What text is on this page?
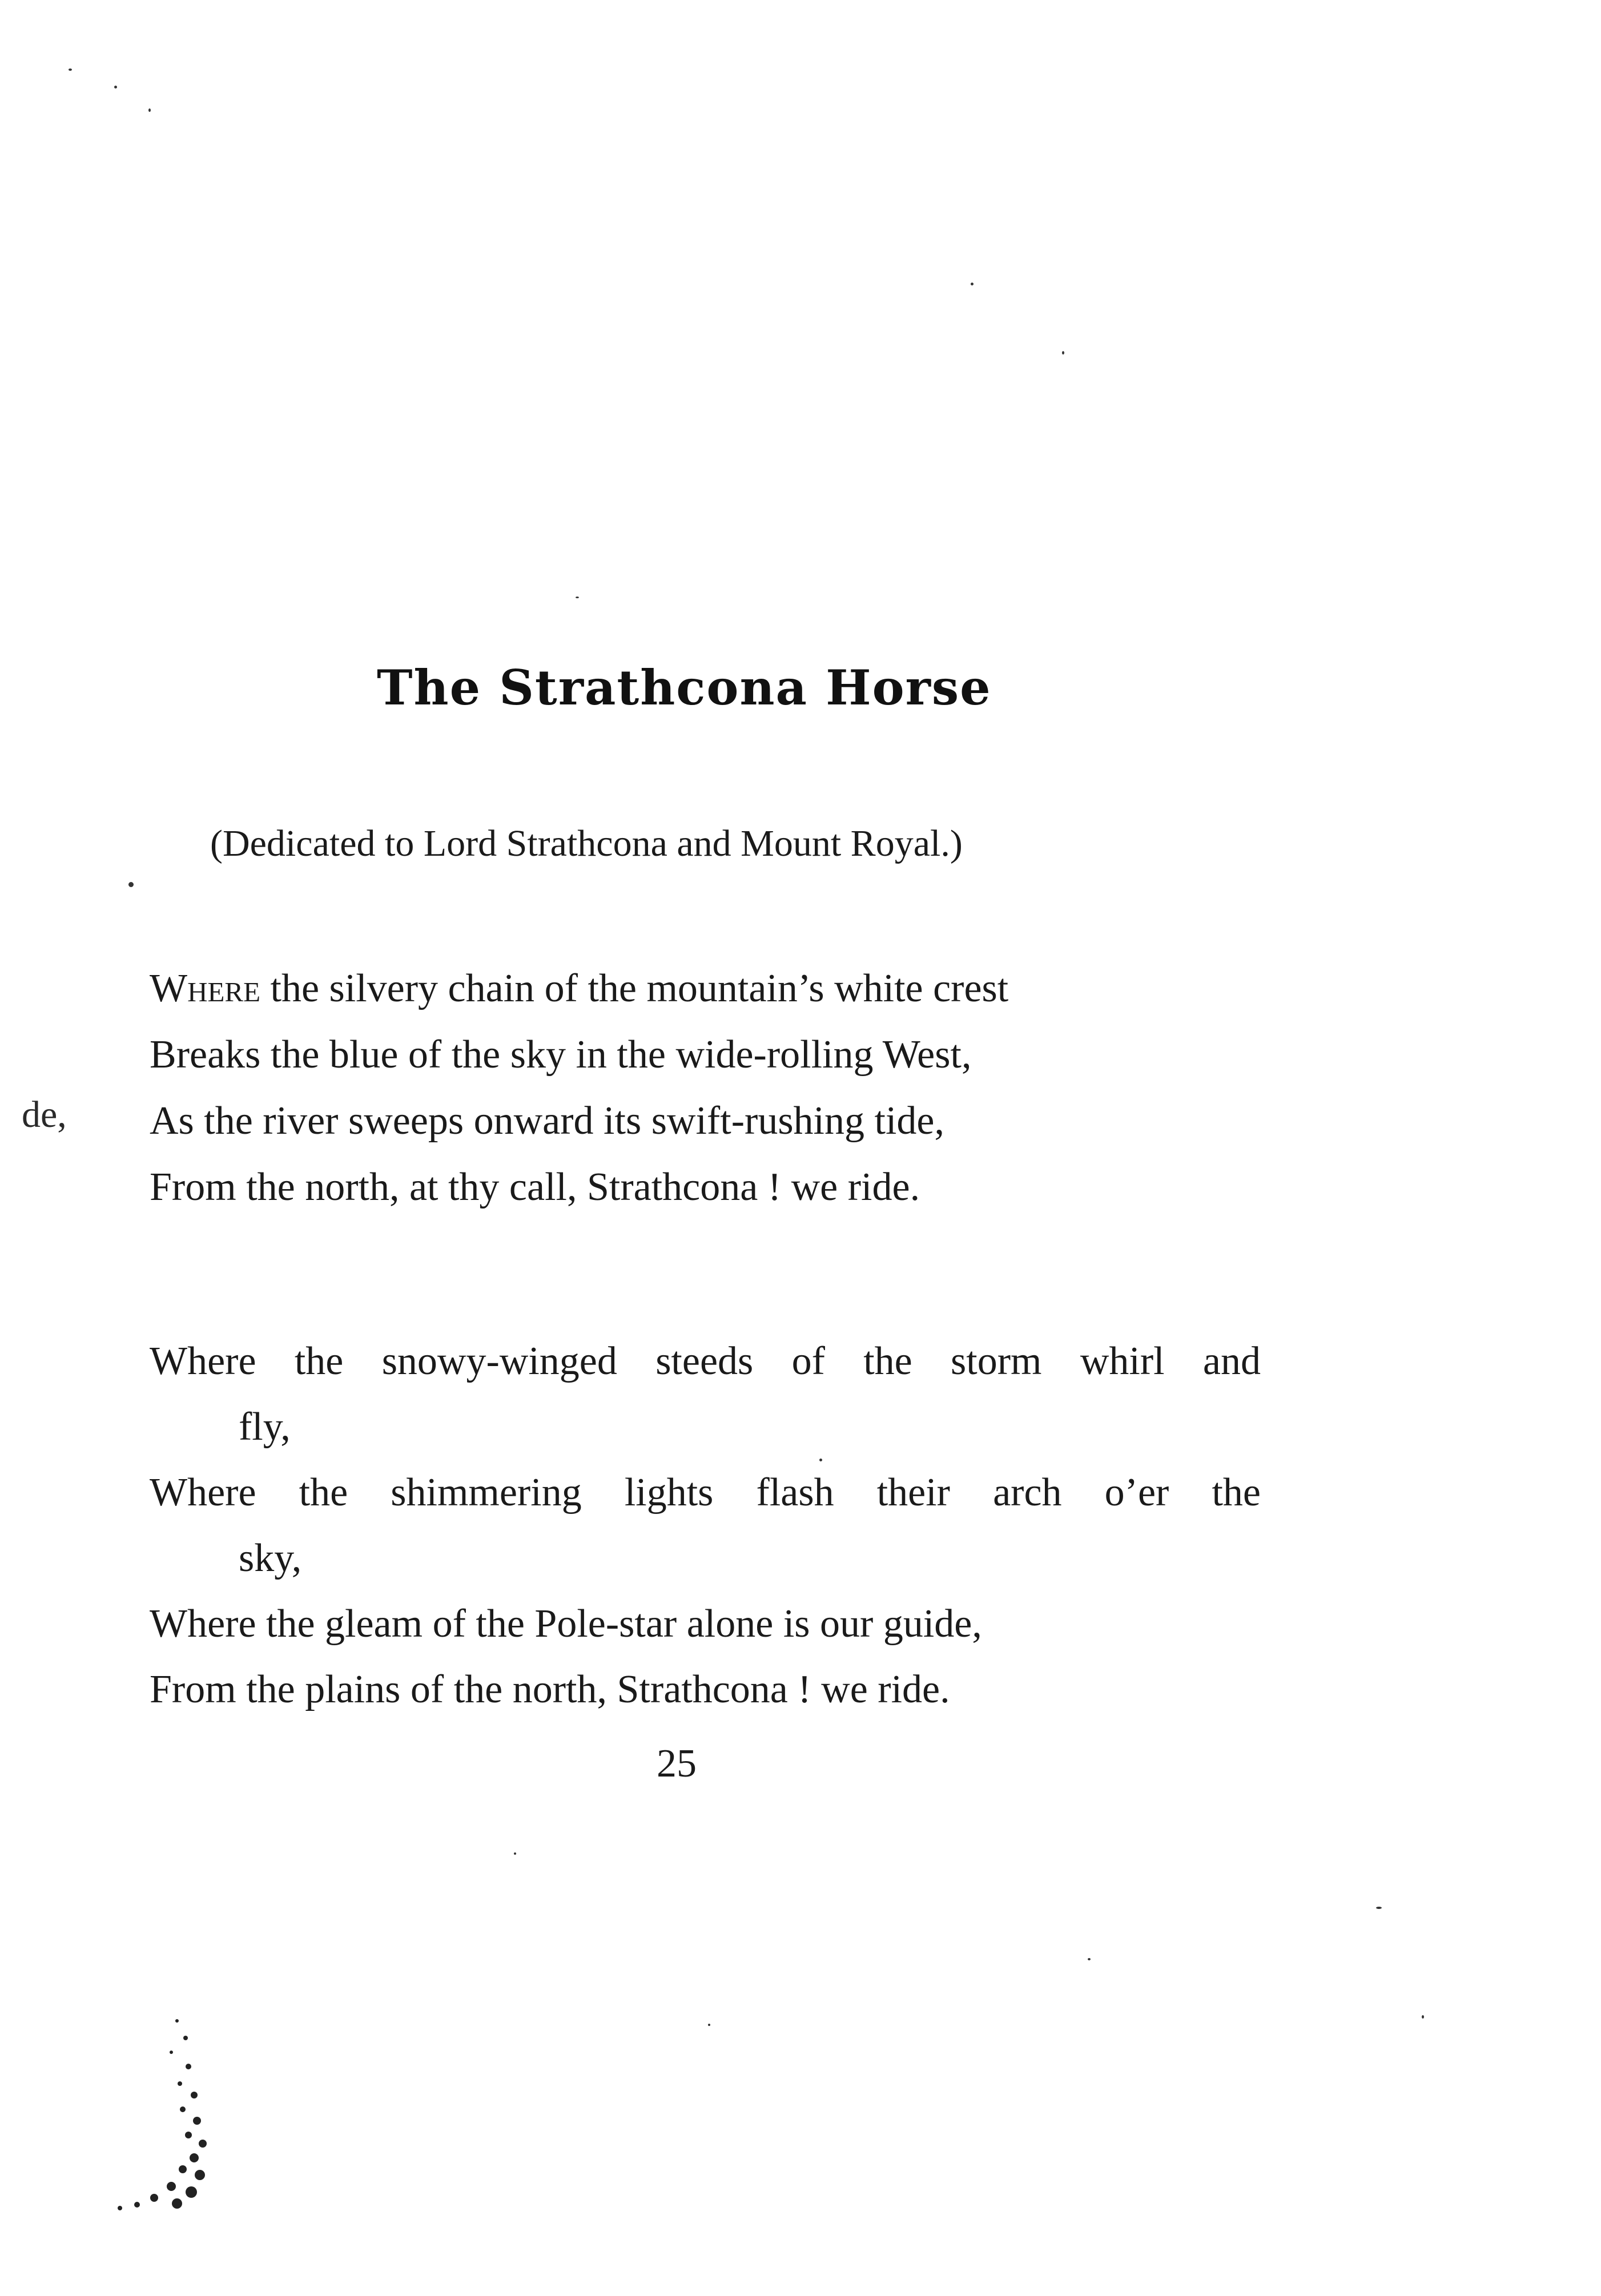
The Strathcona Horse
(Dedicated to Lord Strathcona and Mount Royal.)
de,
Where the silvery chain of the mountain’s white crest
Breaks the blue of the sky in the wide-rolling West,
As the river sweeps onward its swift-rushing tide,
From the north, at thy call, Strathcona ! we ride.
Where the snowy-winged steeds of the storm whirl and
fly,
Where the shimmering lights flash their arch o’er the
sky,
Where the gleam of the Pole-star alone is our guide,
From the plains of the north, Strathcona ! we ride.
25
